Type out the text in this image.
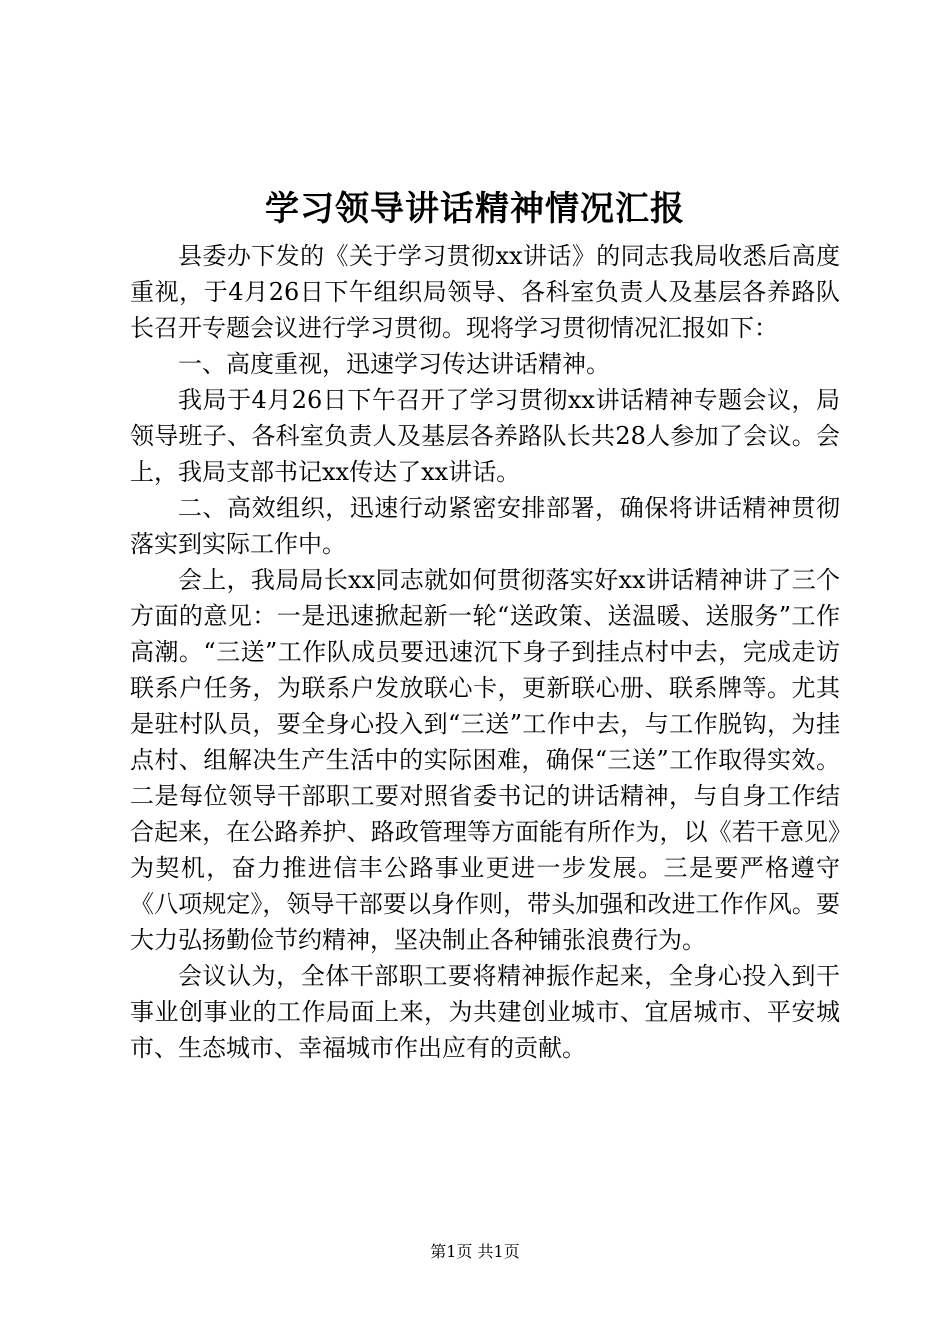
学习领导讲话精神情况汇报

县委办下发的《关于学习贯彻xx讲话》的同志我局收悉后高度重视，于4月26日下午组织局领导、各科室负责人及基层各养路队长召开专题会议进行学习贯彻。现将学习贯彻情况汇报如下：

一、高度重视，迅速学习传达讲话精神。

我局于4月26日下午召开了学习贯彻xx讲话精神专题会议，局领导班子、各科室负责人及基层各养路队长共28人参加了会议。会上，我局支部书记xx传达了xx讲话。

二、高效组织，迅速行动紧密安排部署，确保将讲话精神贯彻落实到实际工作中。

会上，我局局长xx同志就如何贯彻落实好xx讲话精神讲了三个方面的意见：一是迅速掀起新一轮“送政策、送温暖、送服务”工作高潮。“三送”工作队成员要迅速沉下身子到挂点村中去，完成走访联系户任务，为联系户发放联心卡，更新联心册、联系牌等。尤其是驻村队员，要全身心投入到“三送”工作中去，与工作脱钩，为挂点村、组解决生产生活中的实际困难，确保“三送”工作取得实效。二是每位领导干部职工要对照省委书记的讲话精神，与自身工作结合起来，在公路养护、路政管理等方面能有所作为，以《若干意见》为契机，奋力推进信丰公路事业更进一步发展。三是要严格遵守《八项规定》，领导干部要以身作则，带头加强和改进工作作风。要大力弘扬勤俭节约精神，坚决制止各种铺张浪费行为。

会议认为，全体干部职工要将精神振作起来，全身心投入到干事业创事业的工作局面上来，为共建创业城市、宜居城市、平安城市、生态城市、幸福城市作出应有的贡献。

第1页 共1页
